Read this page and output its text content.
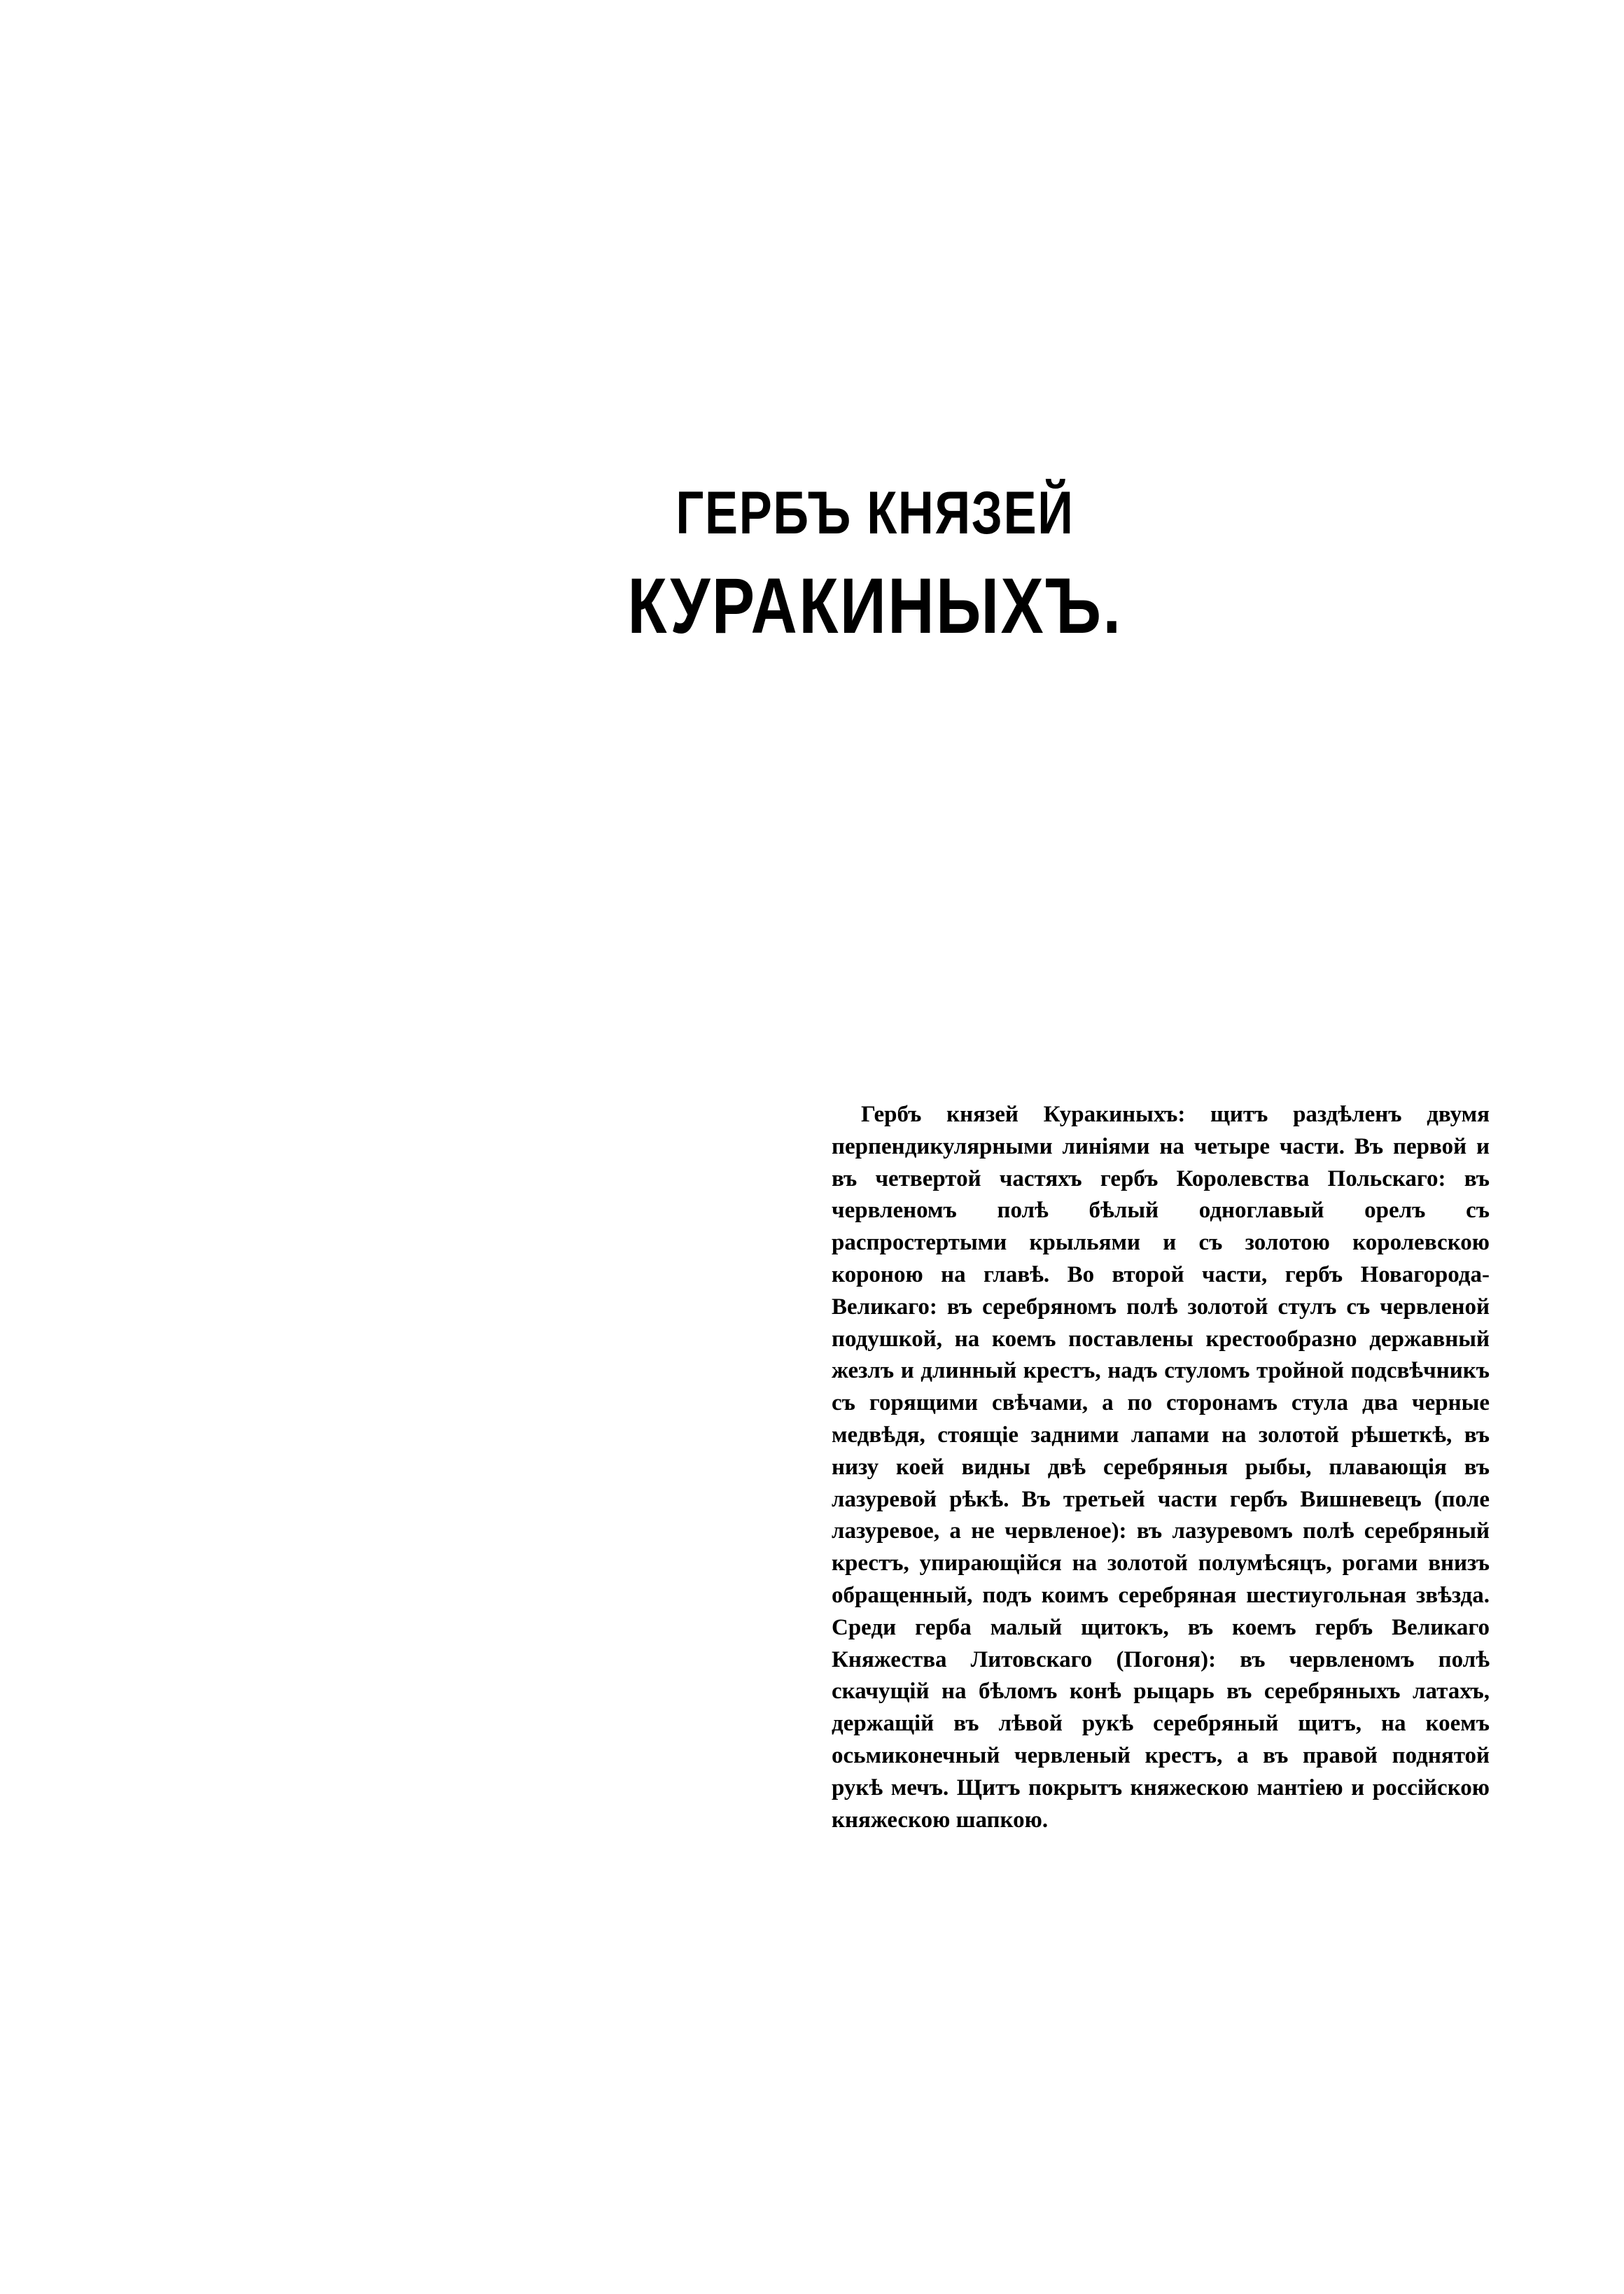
ГЕРБЪ КНЯЗЕЙ
КУРАКИНЫХЪ.

Гербъ князей Куракиныхъ: щитъ раздѣленъ двумя перпендикулярными линіями на четыре части. Въ первой и въ четвертой частяхъ гербъ Королевства Польскаго: въ червленомъ полѣ бѣлый одноглавый орелъ съ распростертыми крыльями и съ золотою королевскою короною на главѣ. Во второй части, гербъ Новагорода-Великаго: въ серебряномъ полѣ золотой стулъ съ червленой подушкой, на коемъ поставлены крестообразно державный жезлъ и длинный крестъ, надъ стуломъ тройной подсвѣчникъ съ горящими свѣчами, а по сторонамъ стула два черные медвѣдя, стоящіе задними лапами на золотой рѣшеткѣ, въ низу коей видны двѣ серебряныя рыбы, плавающія въ лазуревой рѣкѣ. Въ третьей части гербъ Вишневецъ (поле лазуревое, а не червленое): въ лазуревомъ полѣ серебряный крестъ, упирающійся на золотой полумѣсяцъ, рогами внизъ обращенный, подъ коимъ серебряная шестиугольная звѣзда. Среди герба малый щитокъ, въ коемъ гербъ Великаго Княжества Литовскаго (Погоня): въ червленомъ полѣ скачущій на бѣломъ конѣ рыцарь въ серебряныхъ латахъ, держащій въ лѣвой рукѣ серебряный щитъ, на коемъ осьмиконечный червленый крестъ, а въ правой поднятой рукѣ мечъ. Щитъ покрытъ княжескою мантіею и россійскою княжескою шапкою.
